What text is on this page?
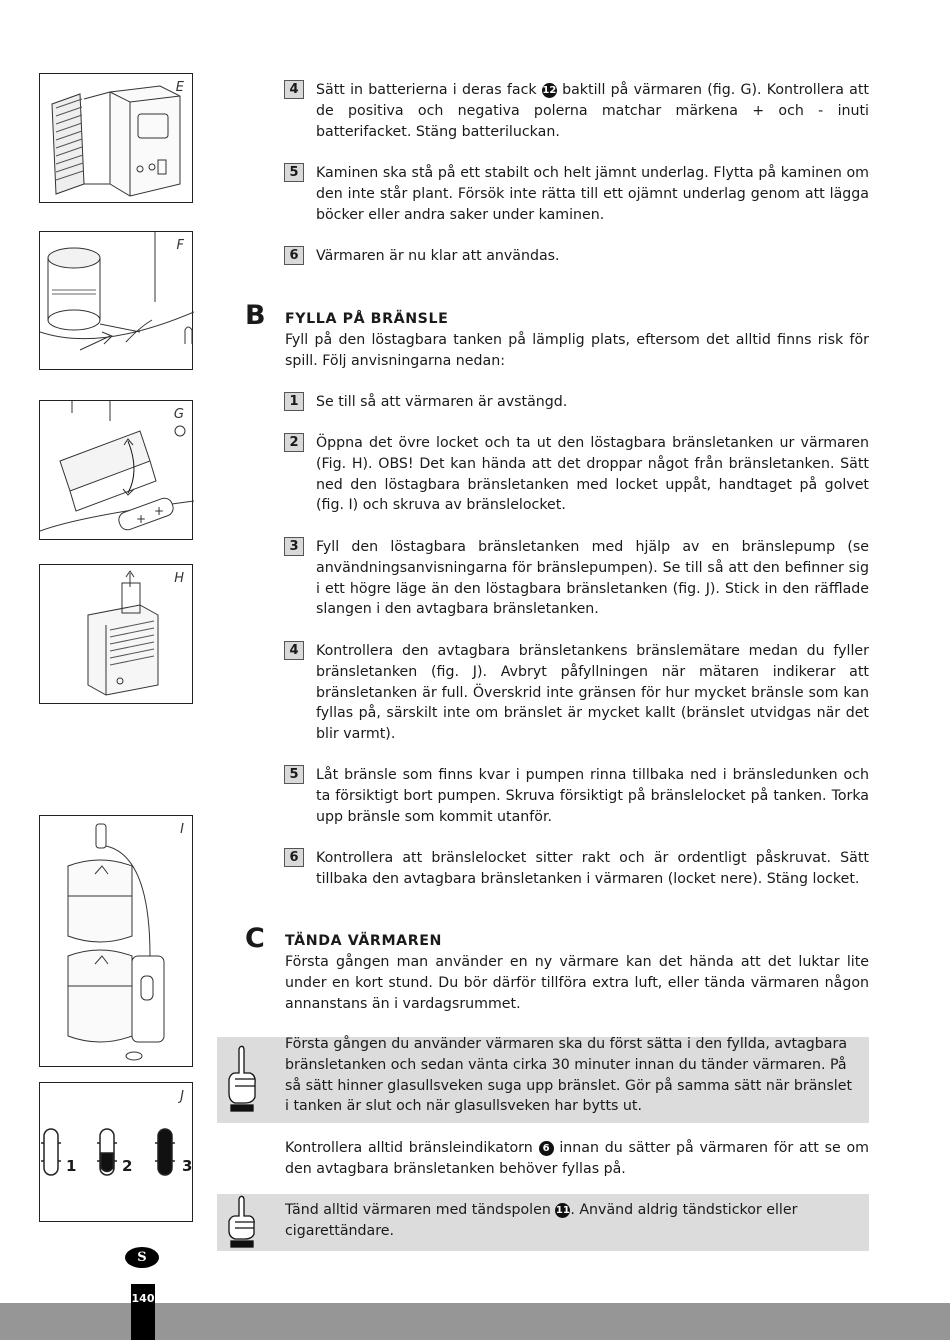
E
F
+
+
G
H
I
J
1	2	3
4	Sätt in batterierna i deras fack 12 baktill på värmaren (fig. G). Kontrollera att de positiva och negativa polerna matchar märkena + och - inuti batterifacket. Stäng batteriluckan.
5	Kaminen ska stå på ett stabilt och helt jämnt underlag. Flytta på kaminen om den inte står plant. Försök inte rätta till ett ojämnt underlag genom att lägga böcker eller andra saker under kaminen.
6	Värmaren är nu klar att användas.
B FYLLA PÅ BRÄNSLE

Fyll på den löstagbara tanken på lämplig plats, eftersom det alltid finns risk för spill. Följ anvisningarna nedan:

1	Se till så att värmaren är avstängd.
2	Öppna det övre locket och ta ut den löstagbara bränsletanken ur värmaren (Fig. H). OBS! Det kan hända att det droppar något från bränsletanken. Sätt ned den löstagbara bränsletanken med locket uppåt, handtaget på golvet (fig. I) och skruva av bränslelocket.
3	Fyll den löstagbara bränsletanken med hjälp av en bränslepump (se användningsanvisningarna för bränslepumpen). Se till så att den befinner sig i ett högre läge än den löstagbara bränsletanken (fig. J). Stick in den räfflade slangen i den avtagbara bränsletanken.
4	Kontrollera den avtagbara bränsletankens bränslemätare medan du fyller bränsletanken (fig. J). Avbryt påfyllningen när mätaren indikerar att bränsletanken är full. Överskrid inte gränsen för hur mycket bränsle som kan fyllas på, särskilt inte om bränslet är mycket kallt (bränslet utvidgas när det blir varmt).
5	Låt bränsle som finns kvar i pumpen rinna tillbaka ned i bränsledunken och ta försiktigt bort pumpen. Skruva försiktigt på bränslelocket på tanken. Torka upp bränsle som kommit utanför.
6	Kontrollera att bränslelocket sitter rakt och är ordentligt påskruvat. Sätt tillbaka den avtagbara bränsletanken i värmaren (locket nere). Stäng locket.
C TÄNDA VÄRMAREN

Första gången man använder en ny värmare kan det hända att det luktar lite under en kort stund. Du bör därför tillföra extra luft, eller tända värmaren någon annanstans än i vardagsrummet.

Första gången du använder värmaren ska du först sätta i den fyllda, avtagbara bränsletanken och sedan vänta cirka 30 minuter innan du tänder värmaren. På så sätt hinner glasullsveken suga upp bränslet. Gör på samma sätt när bränslet i tanken är slut och när glasullsveken har bytts ut.

Kontrollera alltid bränsleindikatorn 6 innan du sätter på värmaren för att se om den avtagbara bränsletanken behöver fyllas på.

Tänd alltid värmaren med tändspolen 11. Använd aldrig tändstickor eller cigarettändare.
S
140
